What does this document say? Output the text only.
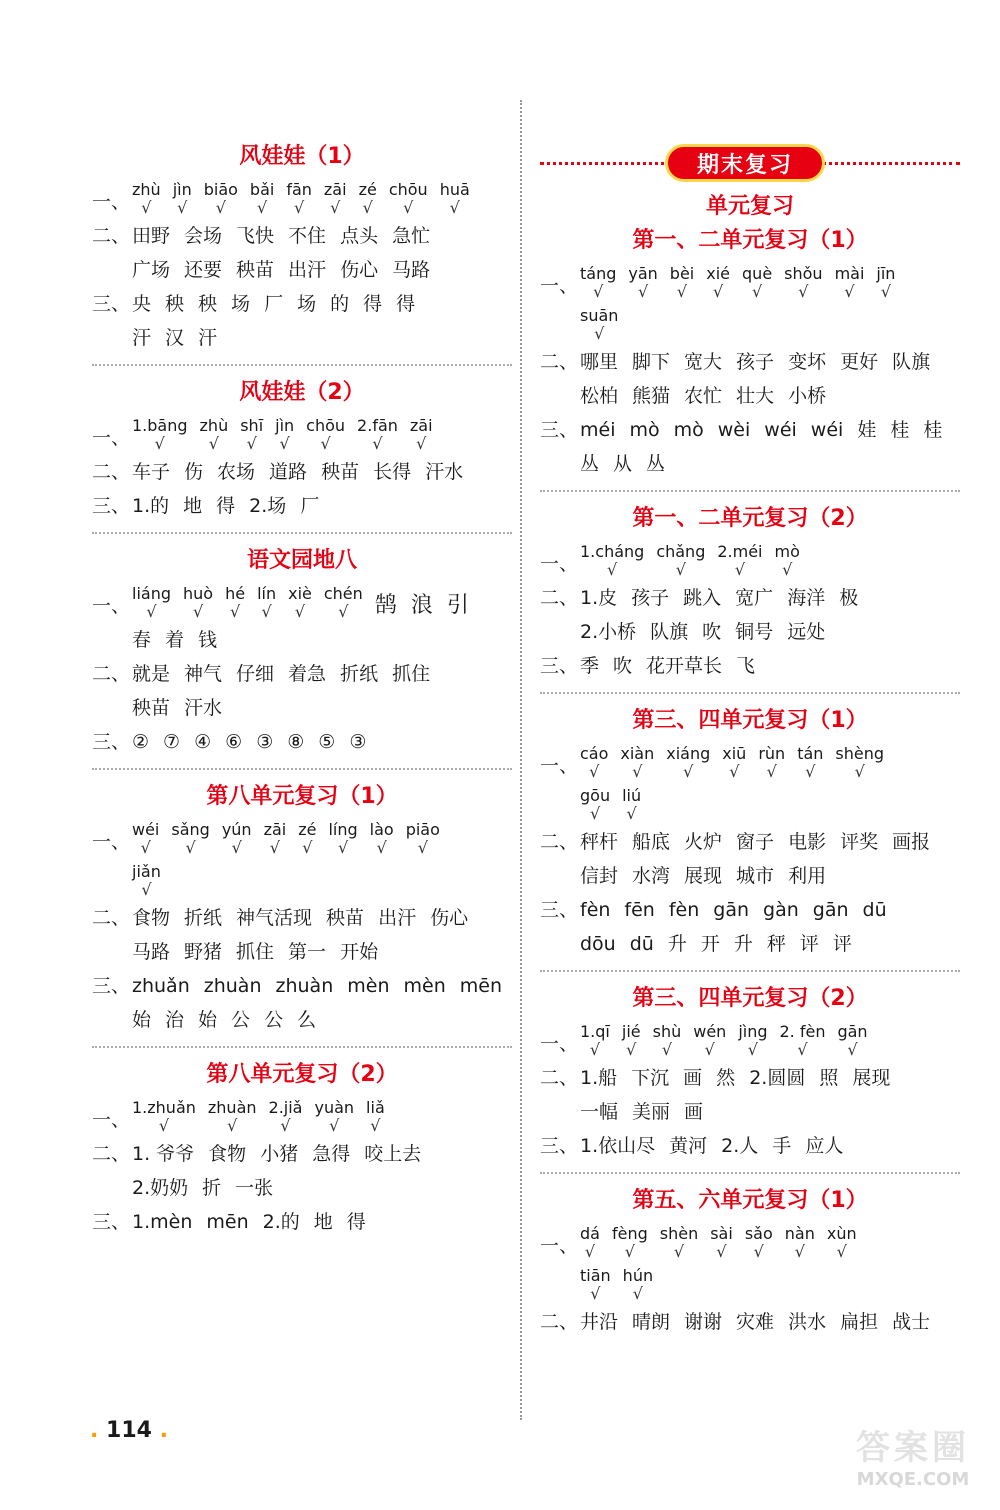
风娃娃（1）
一、
zhù
√
jìn
√
biāo
√
bǎi
√
fān
√
zāi
√
zé
√
chōu
√
huā
√
二、 田野 会场 飞快 不住 点头 急忙
广场 还要 秧苗 出汗 伤心 马路
三、 央 秧 秧 场 厂 场 的 得 得
汗 汉 汗
风娃娃（2）
一、
1.bāng
√
zhù
√
shī
√
jìn
√
chōu
√
2.fān
√
zāi
√
二、 车子 伤 农场 道路 秧苗 长得 汗水
三、 1.的 地 得 2.场 厂
语文园地八
一、
liáng
√
huò
√
hé
√
lín
√
xiè
√
chén
√ 鹄 浪 引
春 着 钱
二、 就是 神气 仔细 着急 折纸 抓住
秧苗 汗水
三、 ② ⑦ ④ ⑥ ③ ⑧ ⑤ ③
第八单元复习（1）
一、
wéi
√
sǎng
√
yún
√
zāi
√
zé
√
líng
√
lào
√
piāo
√
jiǎn
√
二、 食物 折纸 神气活现 秧苗 出汗 伤心
马路 野猪 抓住 第一 开始
三、 zhuǎn zhuàn zhuàn mèn mèn mēn
始 治 始 公 公 么
第八单元复习（2）
一、
1.zhuǎn
√
zhuàn
√
2.jiǎ
√
yuàn
√
liǎ
√
二、 1. 爷爷 食物 小猪 急得 咬上去
2.奶奶 折 一张
三、 1.mèn mēn 2.的 地 得
期末复习
单元复习
第一、二单元复习（1）
一、
táng
√
yān
√
bèi
√
xié
√
què
√
shǒu
√
mài
√
jīn
√
suān
√
二、 哪里 脚下 宽大 孩子 变坏 更好 队旗
松柏 熊猫 农忙 壮大 小桥
三、 méi mò mò wèi wéi wéi 娃 桂 桂
丛 从 丛
第一、二单元复习（2）
一、
1.cháng
√
chǎng
√
2.méi
√
mò
√
二、 1.皮 孩子 跳入 宽广 海洋 极
2.小桥 队旗 吹 铜号 远处
三、 季 吹 花开草长 飞
第三、四单元复习（1）
一、
cáo
√
xiàn
√
xiáng
√
xiū
√
rùn
√
tán
√
shèng
√
gōu
√
liú
√
二、 秤杆 船底 火炉 窗子 电影 评奖 画报
信封 水湾 展现 城市 利用
三、 fèn fēn fèn gān gàn gān dū
dōu dū 升 开 升 秤 评 评
第三、四单元复习（2）
一、
1.qī
√
jié
√
shù
√
wén
√
jìng
√
2. fèn
√
gān
√
二、 1.船 下沉 画 然 2.圆圆 照 展现
一幅 美丽 画
三、 1.依山尽 黄河 2.人 手 应人
第五、六单元复习（1）
一、
dá
√
fèng
√
shèn
√
sài
√
sǎo
√
nàn
√
xùn
√
tiān
√
hún
√
二、 井沿 晴朗 谢谢 灾难 洪水 扁担 战士
. 114 .	答案圈
MXQE.COM
